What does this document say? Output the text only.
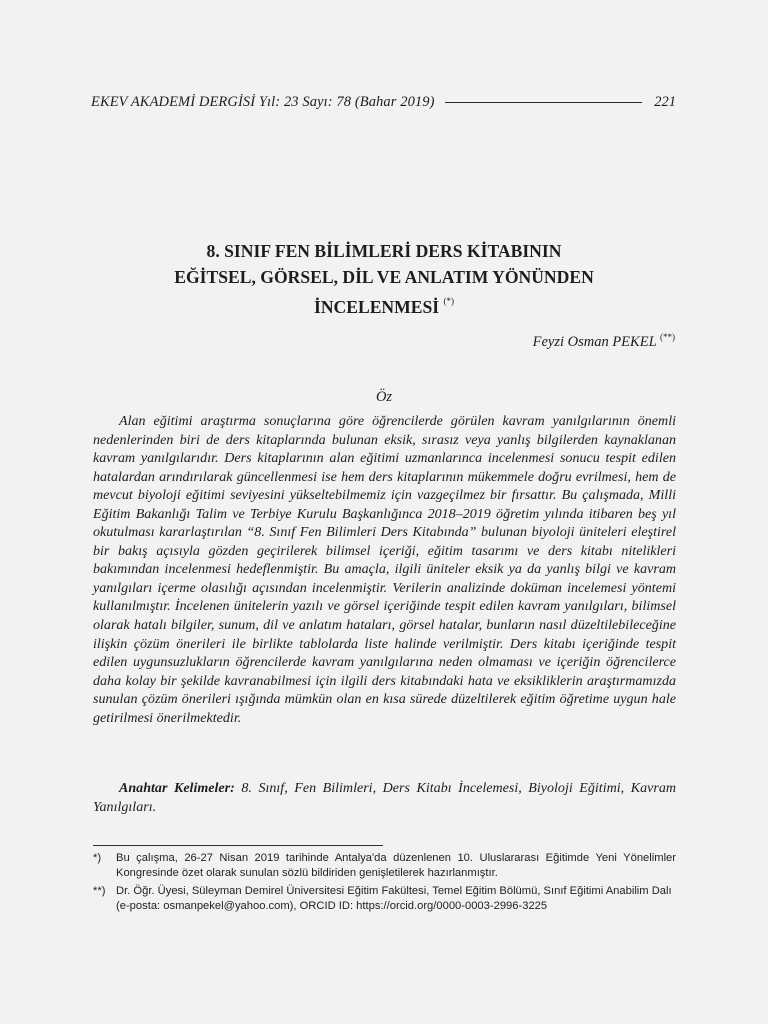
EKEV AKADEMİ DERGİSİ Yıl: 23 Sayı: 78 (Bahar 2019)	221
8. SINIF FEN BİLİMLERİ DERS KİTABININ
EĞİTSEL, GÖRSEL, DİL VE ANLATIM YÖNÜNDEN
İNCELENMESİ (*)
Feyzi Osman PEKEL (**)
Öz

Alan eğitimi araştırma sonuçlarına göre öğrencilerde görülen kavram yanılgılarının önemli nedenlerinden biri de ders kitaplarında bulunan eksik, sırasız veya yanlış bilgilerden kaynaklanan kavram yanılgılarıdır. Ders kitaplarının alan eğitimi uzmanlarınca incelenmesi sonucu tespit edilen hatalardan arındırılarak güncellenmesi ise hem ders kitaplarının mükemmele doğru evrilmesi, hem de mevcut biyoloji eğitimi seviyesini yükseltebilmemiz için vazgeçilmez bir fırsattır. Bu çalışmada, Milli Eğitim Bakanlığı Talim ve Terbiye Kurulu Başkanlığınca 2018–2019 öğretim yılında itibaren beş yıl okutulması kararlaştırılan “8. Sınıf Fen Bilimleri Ders Kitabında” bulunan biyoloji üniteleri eleştirel bir bakış açısıyla gözden geçirilerek bilimsel içeriği, eğitim tasarımı ve ders kitabı nitelikleri bakımından incelenmesi hedeflenmiştir. Bu amaçla, ilgili üniteler eksik ya da yanlış bilgi ve kavram yanılgıları içerme olasılığı açısından incelenmiştir. Verilerin analizinde doküman incelemesi yöntemi kullanılmıştır. İncelenen ünitelerin yazılı ve görsel içeriğinde tespit edilen kavram yanılgıları, bilimsel olarak hatalı bilgiler, sunum, dil ve anlatım hataları, görsel hatalar, bunların nasıl düzeltilebileceğine ilişkin çözüm önerileri ile birlikte tablolarda liste halinde verilmiştir. Ders kitabı içeriğinde tespit edilen uygunsuzlukların öğrencilerde kavram yanılgılarına neden olmaması ve içeriğin öğrencilerce daha kolay bir şekilde kavranabilmesi için ilgili ders kitabındaki hata ve eksikliklerin araştırmamızda sunulan çözüm önerileri ışığında mümkün olan en kısa sürede düzeltilerek eğitim öğretime uygun hale getirilmesi önerilmektedir.

Anahtar Kelimeler: 8. Sınıf, Fen Bilimleri, Ders Kitabı İncelemesi, Biyoloji Eğitimi, Kavram Yanılgıları.

*)	Bu çalışma, 26-27 Nisan 2019 tarihinde Antalya'da düzenlenen 10. Uluslararası Eğitimde Yeni Yönelimler Kongresinde özet olarak sunulan sözlü bildiriden genişletilerek hazırlanmıştır.
**) Dr. Öğr. Üyesi, Süleyman Demirel Üniversitesi Eğitim Fakültesi, Temel Eğitim Bölümü, Sınıf Eğitimi Anabilim Dalı
(e-posta: osmanpekel@yahoo.com), ORCID ID: https://orcid.org/0000-0003-2996-3225
